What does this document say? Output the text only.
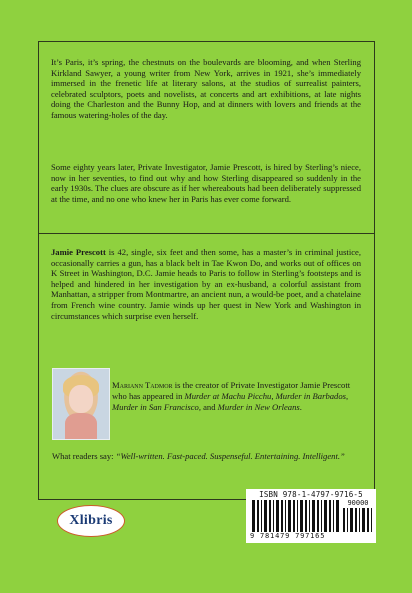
It’s Paris, it’s spring, the chestnuts on the boulevards are blooming, and when Sterling Kirkland Sawyer, a young writer from New York, arrives in 1921, she’s immediately immersed in the frenetic life at literary salons, at the studios of surrealist painters, celebrated sculptors, poets and novelists, at concerts and art exhibitions, at late nights doing the Charleston and the Bunny Hop, and at dinners with lovers and friends at the famous watering-holes of the day.

Some eighty years later, Private Investigator, Jamie Prescott, is hired by Sterling’s niece, now in her seventies, to find out why and how Sterling disappeared so suddenly in the early 1930s. The clues are obscure as if her whereabouts had been deliberately suppressed at the time, and no one who knew her in Paris has ever come forward.

Jamie Prescott is 42, single, six feet and then some, has a master’s in criminal justice, occasionally carries a gun, has a black belt in Tae Kwon Do, and works out of offices on K Street in Washington, D.C. Jamie heads to Paris to follow in Sterling’s footsteps and is helped and hindered in her investigation by an ex-husband, a colorful assistant from Manhattan, a stripper from Montmartre, an ancient nun, a would-be poet, and a chatelaine from French wine country. Jamie winds up her quest in New York and Washington in circumstances which surprise even herself.

Mariann Tadmor is the creator of Private Investigator Jamie Prescott who has appeared in Murder at Machu Picchu, Murder in Barbados, Murder in San Francisco, and Murder in New Orleans.

What readers say: “Well-written. Fast-paced. Suspenseful. Entertaining. Intelligent.”

Xlibris
ISBN 978-1-4797-9716-5
9 781479 797165
90000
